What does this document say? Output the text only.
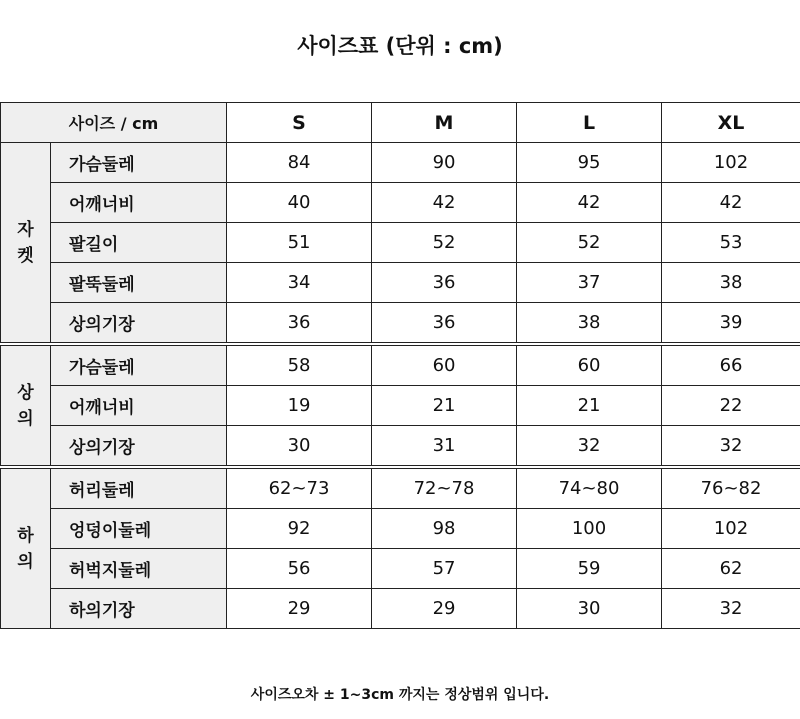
사이즈표 (단위 : cm)
사이즈 / cm		S	M	L	XL
자켓	가슴둘레	84	90	95	102
	어깨너비	40	42	42	42
	팔길이	51	52	52	53
	팔뚝둘레	34	36	37	38
	상의기장	36	36	38	39

상의	가슴둘레	58	60	60	66
	어깨너비	19	21	21	22
	상의기장	30	31	32	32

하의	허리둘레	62~73	72~78	74~80	76~82
	엉덩이둘레	92	98	100	102
	허벅지둘레	56	57	59	62
	하의기장	29	29	30	32
사이즈오차 ± 1~3cm 까지는 정상범위 입니다.
